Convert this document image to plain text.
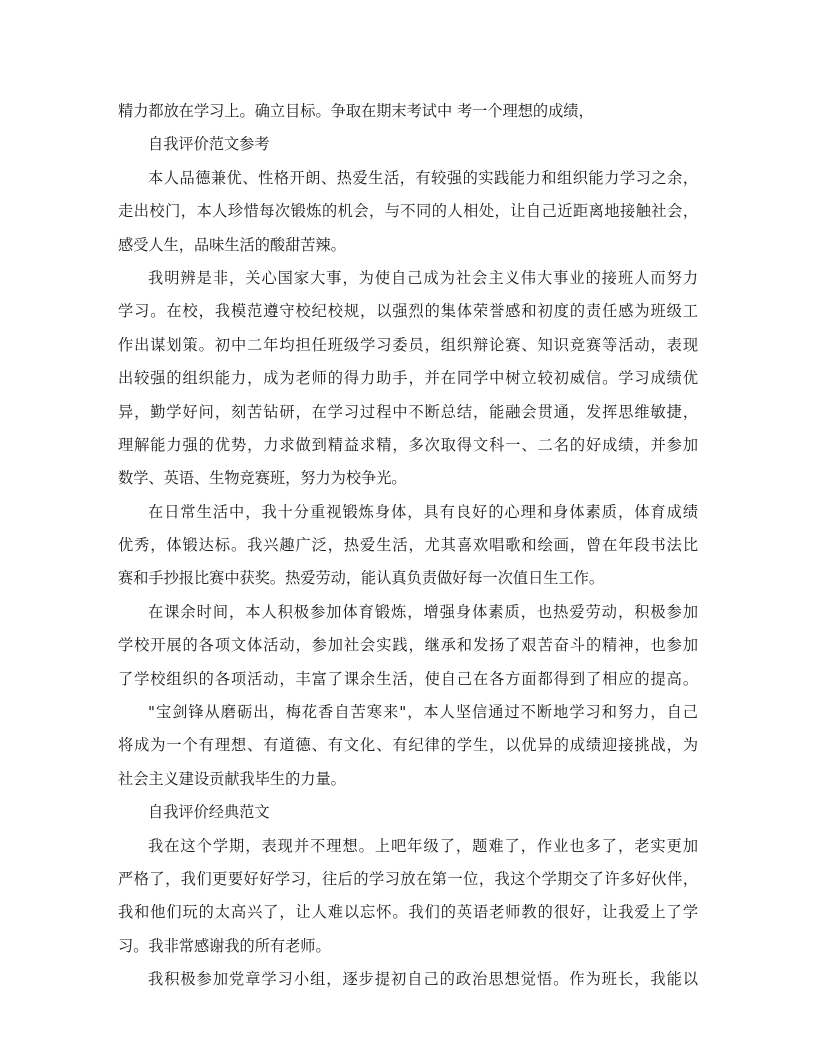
精力都放在学习上。确立目标。争取在期末考试中 考一个理想的成绩，
自我评价范文参考
本人品德兼优、性格开朗、热爱生活，有较强的实践能力和组织能力学习之余，
走出校门，本人珍惜每次锻炼的机会，与不同的人相处，让自己近距离地接触社会，
感受人生，品味生活的酸甜苦辣。
我明辨是非，关心国家大事，为使自己成为社会主义伟大事业的接班人而努力
学习。在校，我模范遵守校纪校规，以强烈的集体荣誉感和初度的责任感为班级工
作出谋划策。初中二年均担任班级学习委员，组织辩论赛、知识竞赛等活动，表现
出较强的组织能力，成为老师的得力助手，并在同学中树立较初威信。学习成绩优
异，勤学好问，刻苦钻研，在学习过程中不断总结，能融会贯通，发挥思维敏捷，
理解能力强的优势，力求做到精益求精，多次取得文科一、二名的好成绩，并参加
数学、英语、生物竞赛班，努力为校争光。
在日常生活中，我十分重视锻炼身体，具有良好的心理和身体素质，体育成绩
优秀，体锻达标。我兴趣广泛，热爱生活，尤其喜欢唱歌和绘画，曾在年段书法比
赛和手抄报比赛中获奖。热爱劳动，能认真负责做好每一次值日生工作。
在课余时间，本人积极参加体育锻炼，增强身体素质，也热爱劳动，积极参加
学校开展的各项文体活动，参加社会实践，继承和发扬了艰苦奋斗的精神，也参加
了学校组织的各项活动，丰富了课余生活，使自己在各方面都得到了相应的提高。
"宝剑锋从磨砺出，梅花香自苦寒来"，本人坚信通过不断地学习和努力，自己
将成为一个有理想、有道德、有文化、有纪律的学生，以优异的成绩迎接挑战，为
社会主义建设贡献我毕生的力量。
自我评价经典范文
我在这个学期，表现并不理想。上吧年级了，题难了，作业也多了，老实更加
严格了，我们更要好好学习，往后的学习放在第一位，我这个学期交了许多好伙伴，
我和他们玩的太高兴了，让人难以忘怀。我们的英语老师教的很好，让我爱上了学
习。我非常感谢我的所有老师。
我积极参加党章学习小组，逐步提初自己的政治思想觉悟。作为班长，我能以
